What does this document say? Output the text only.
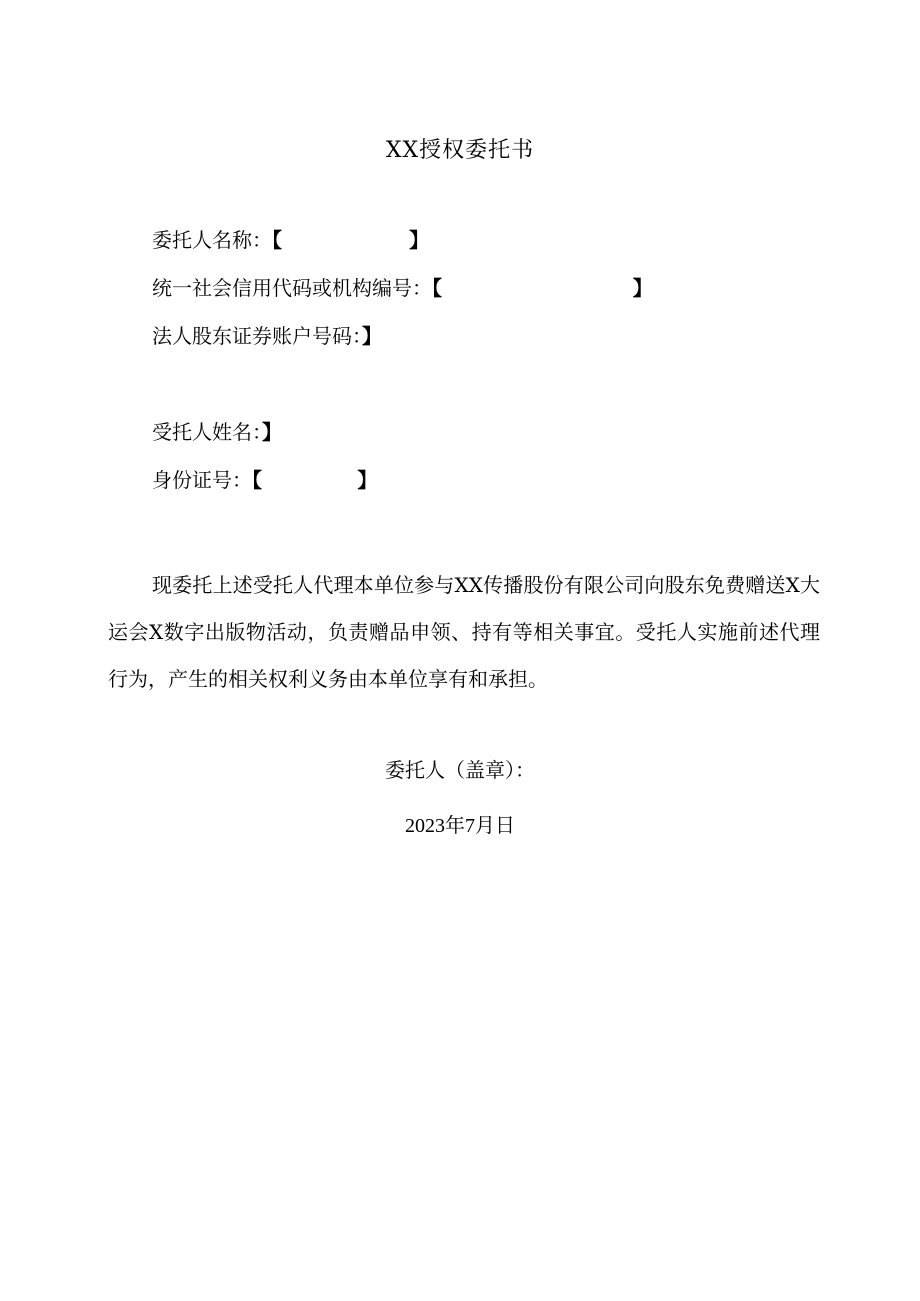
XX授权委托书
委托人名称：【	】
统一社会信用代码或机构编号：【	】
法人股东证券账户号码：】
受托人姓名：】
身份证号：【	】

现委托上述受托人代理本单位参与XX传播股份有限公司向股东免费赠送X大运会X数字出版物活动，负责赠品申领、持有等相关事宜。受托人实施前述代理行为，产生的相关权利义务由本单位享有和承担。

委托人（盖章）：
2023年7月日
